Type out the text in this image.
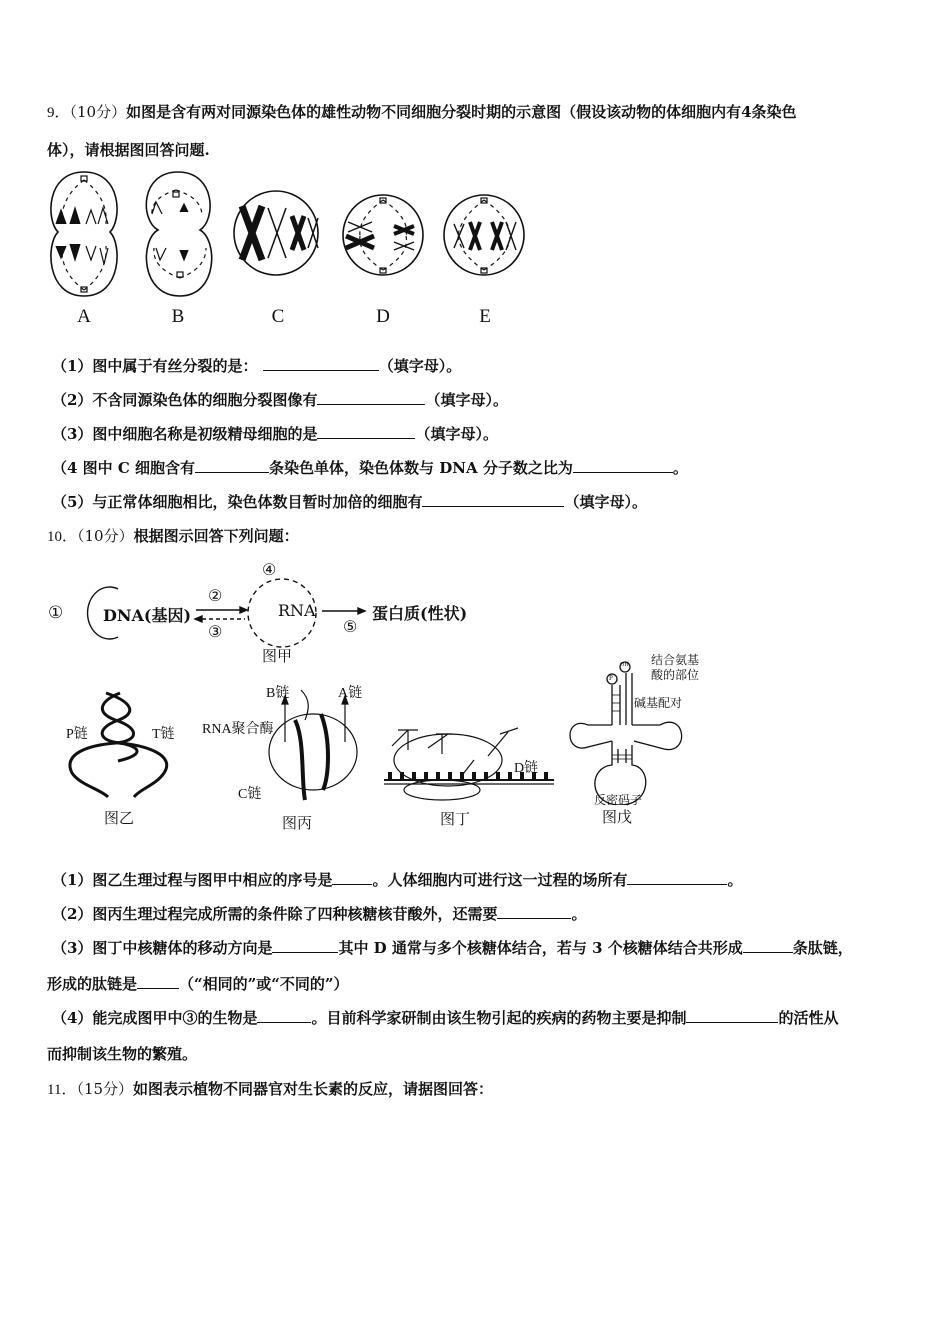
9．（10分）如图是含有两对同源染色体的雄性动物不同细胞分裂时期的示意图（假设该动物的体细胞内有4条染色
体），请根据图回答问题.
A	B	C	D	E
（1）图中属于有丝分裂的是：	（填字母）。
（2）不含同源染色体的细胞分裂图像有	（填字母）。
（3）图中细胞名称是初级精母细胞的是	（填字母）。
（4 图中 C 细胞含有	条染色单体，染色体数与 DNA 分子数之比为	。
（5）与正常体细胞相比，染色体数目暂时加倍的细胞有	（填字母）。
10．（10分）根据图示回答下列问题：
① DNA(基因)
②
③
④
RNA
⑤
蛋白质(性状)
图甲
P链	T链
图乙
B链	A链
RNA聚合酶
C链
图丙
D链
图丁
OH
P
结合氨基
酸的部位
碱基配对
反密码子
图戊
（1）图乙生理过程与图甲中相应的序号是	。人体细胞内可进行这一过程的场所有	。
（2）图丙生理过程完成所需的条件除了四种核糖核苷酸外，还需要	。
（3）图丁中核糖体的移动方向是	其中 D 通常与多个核糖体结合，若与 3 个核糖体结合共形成	条肽链，
形成的肽链是	（“相同的”或“不同的”）
（4）能完成图甲中③的生物是	。目前科学家研制由该生物引起的疾病的药物主要是抑制	的活性从
而抑制该生物的繁殖。
11．（15分）如图表示植物不同器官对生长素的反应，请据图回答：
